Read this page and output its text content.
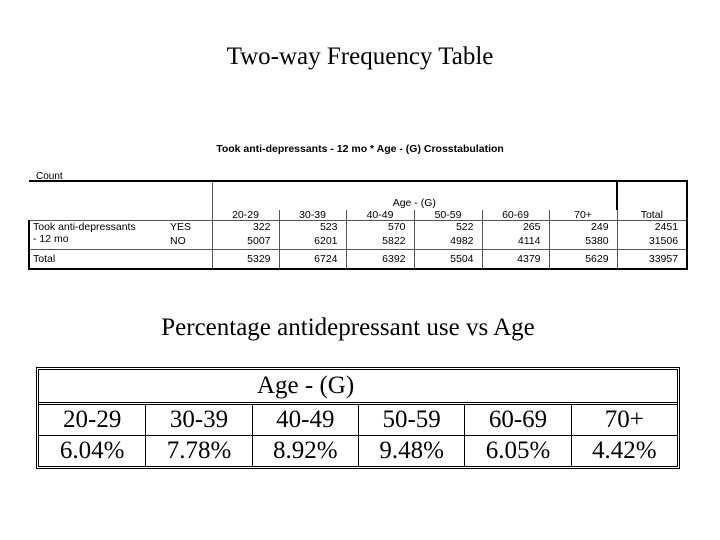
Two-way Frequency Table
Took anti-depressants - 12 mo * Age - (G) Crosstabulation
Count
		Age - (G)						
		20-29	30-39	40-49	50-59	60-69	70+	Total

Took anti-depressants
- 12 mo	YES	322	523	570	522	265	249	2451
	NO	5007	6201	5822	4982	4114	5380	31506
Total		5329	6724	6392	5504	4379	5629	33957
Percentage antidepressant use vs Age
Age - (G)					
20-29	30-39	40-49	50-59	60-69	70+
6.04%	7.78%	8.92%	9.48%	6.05%	4.42%
